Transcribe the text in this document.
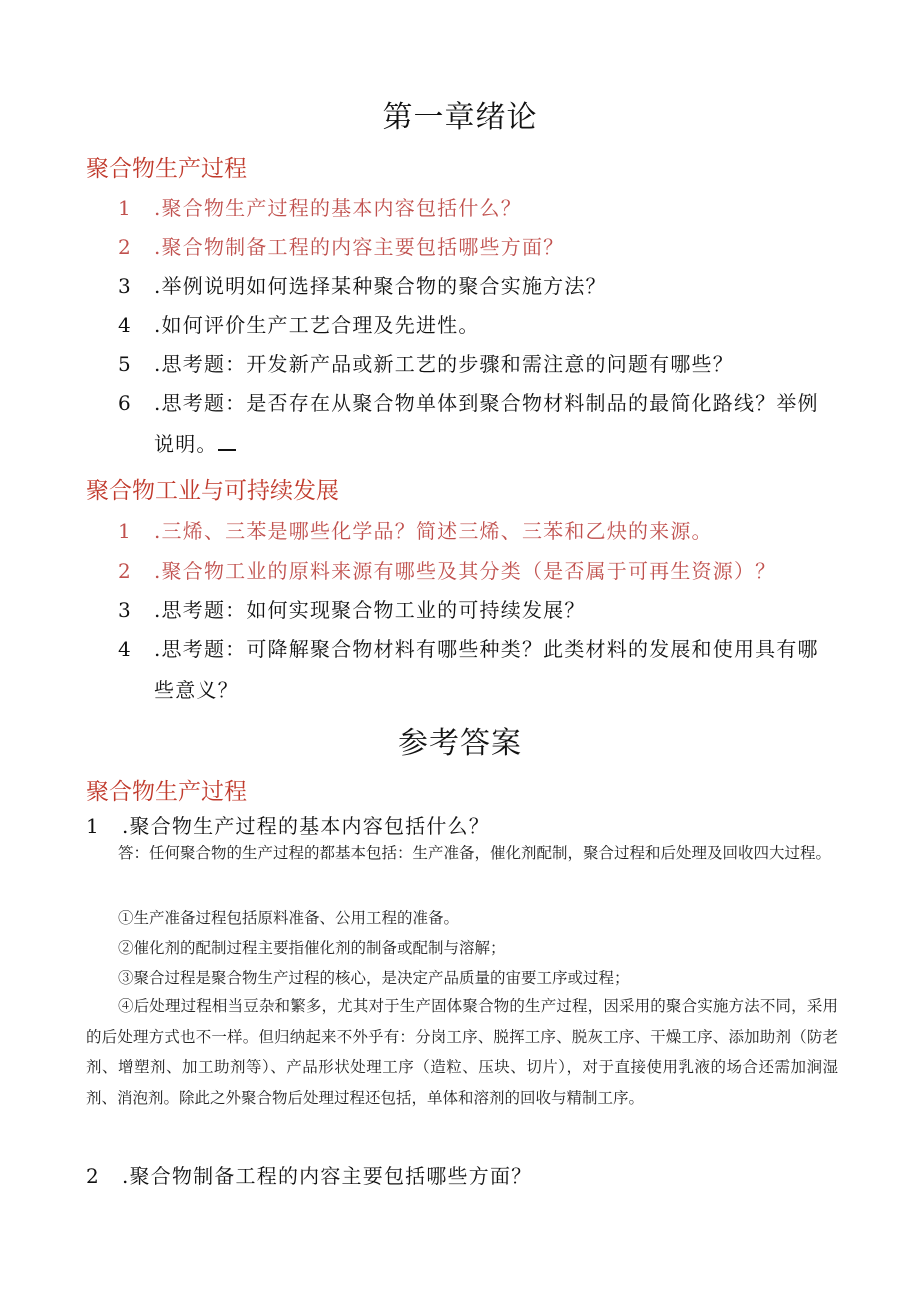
第一章绪论
聚合物生产过程
1 .聚合物生产过程的基本内容包括什么？
2 .聚合物制备工程的内容主要包括哪些方面？
3 .举例说明如何选择某种聚合物的聚合实施方法？
4 .如何评价生产工艺合理及先进性。
5 .思考题：开发新产品或新工艺的步骤和需注意的问题有哪些？
6 .思考题：是否存在从聚合物单体到聚合物材料制品的最简化路线？举例
说明。
聚合物工业与可持续发展
1 .三烯、三苯是哪些化学品？简述三烯、三苯和乙炔的来源。
2 .聚合物工业的原料来源有哪些及其分类（是否属于可再生资源）？
3 .思考题：如何实现聚合物工业的可持续发展？
4 .思考题：可降解聚合物材料有哪些种类？此类材料的发展和使用具有哪
些意义？
参考答案
聚合物生产过程
1 .聚合物生产过程的基本内容包括什么？
答：任何聚合物的生产过程的都基本包括：生产准备，催化剂配制，聚合过程和后处理及回收四大过程。
①生产准备过程包括原料准备、公用工程的准备。
②催化剂的配制过程主要指催化剂的制备或配制与溶解；
③聚合过程是聚合物生产过程的核心，是决定产品质量的宙要工序或过程；
④后处理过程相当豆杂和繁多，尤其对于生产固体聚合物的生产过程，因采用的聚合实施方法不同，采用的后处理方式也不一样。但归纳起来不外乎有：分岗工序、脱挥工序、脱灰工序、干燥工序、添加助剂（防老剂、增塑剂、加工助剂等）、产品形状处理工序（造粒、压块、切片），对于直接使用乳液的场合还需加涧湿剂、消泡剂。除此之外聚合物后处理过程还包括，单体和溶剂的回收与精制工序。
2 .聚合物制备工程的内容主要包括哪些方面？
